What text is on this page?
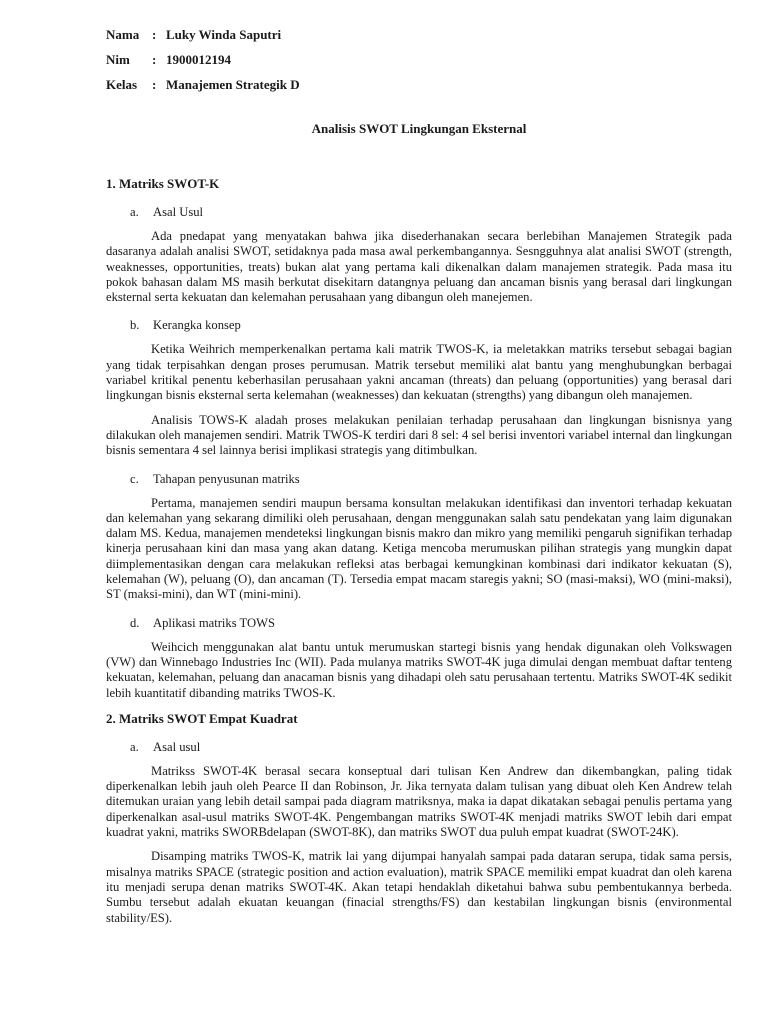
Nama : Luky Winda Saputri
Nim	: 1900012194
Kelas	: Manajemen Strategik D
Analisis SWOT Lingkungan Eksternal
1. Matriks SWOT-K
a.	Asal Usul

Ada pnedapat yang menyatakan bahwa jika disederhanakan secara berlebihan Manajemen Strategik pada dasaranya adalah analisi SWOT, setidaknya pada masa awal perkembangannya. Sesngguhnya alat analisi SWOT (strength, weaknesses, opportunities, treats) bukan alat yang pertama kali dikenalkan dalam manajemen strategik. Pada masa itu pokok bahasan dalam MS masih berkutat disekitarn datangnya peluang dan ancaman bisnis yang berasal dari lingkungan eksternal serta kekuatan dan kelemahan perusahaan yang dibangun oleh manejemen.

b.	Kerangka konsep

Ketika Weihrich memperkenalkan pertama kali matrik TWOS-K, ia meletakkan matriks tersebut sebagai bagian yang tidak terpisahkan dengan proses perumusan. Matrik tersebut memiliki alat bantu yang menghubungkan berbagai variabel kritikal penentu keberhasilan perusahaan yakni ancaman (threats) dan peluang (opportunities) yang berasal dari lingkungan bisnis eksternal serta kelemahan (weaknesses) dan kekuatan (strengths) yang dibangun oleh manajemen.

Analisis TOWS-K aladah proses melakukan penilaian terhadap perusahaan dan lingkungan bisnisnya yang dilakukan oleh manajemen sendiri. Matrik TWOS-K terdiri dari 8 sel: 4 sel berisi inventori variabel internal dan lingkungan bisnis sementara 4 sel lainnya berisi implikasi strategis yang ditimbulkan.

c.	Tahapan penyusunan matriks

Pertama, manajemen sendiri maupun bersama konsultan melakukan identifikasi dan inventori terhadap kekuatan dan kelemahan yang sekarang dimiliki oleh perusahaan, dengan menggunakan salah satu pendekatan yang laim digunakan dalam MS. Kedua, manajemen mendeteksi lingkungan bisnis makro dan mikro yang memiliki pengaruh signifikan terhadap kinerja perusahaan kini dan masa yang akan datang. Ketiga mencoba merumuskan pilihan strategis yang mungkin dapat diimplementasikan dengan cara melakukan refleksi atas berbagai kemungkinan kombinasi dari indikator kekuatan (S), kelemahan (W), peluang (O), dan ancaman (T). Tersedia empat macam staregis yakni; SO (masi-maksi), WO (mini-maksi), ST (maksi-mini), dan WT (mini-mini).

d.	Aplikasi matriks TOWS

Weihcich menggunakan alat bantu untuk merumuskan startegi bisnis yang hendak digunakan oleh Volkswagen (VW) dan Winnebago Industries Inc (WII). Pada mulanya matriks SWOT-4K juga dimulai dengan membuat daftar tenteng kekuatan, kelemahan, peluang dan anacaman bisnis yang dihadapi oleh satu perusahaan tertentu. Matriks SWOT-4K sedikit lebih kuantitatif dibanding matriks TWOS-K.

2. Matriks SWOT Empat Kuadrat
a.	Asal usul

Matrikss SWOT-4K berasal secara konseptual dari tulisan Ken Andrew dan dikembangkan, paling tidak diperkenalkan lebih jauh oleh Pearce II dan Robinson, Jr. Jika ternyata dalam tulisan yang dibuat oleh Ken Andrew telah ditemukan uraian yang lebih detail sampai pada diagram matriksnya, maka ia dapat dikatakan sebagai penulis pertama yang diperkenalkan asal-usul matriks SWOT-4K. Pengembangan matriks SWOT-4K menjadi matriks SWOT lebih dari empat kuadrat yakni, matriks SWORBdelapan (SWOT-8K), dan matriks SWOT dua puluh empat kuadrat (SWOT-24K).

Disamping matriks TWOS-K, matrik lai yang dijumpai hanyalah sampai pada dataran serupa, tidak sama persis, misalnya matriks SPACE (strategic position and action evaluation), matrik SPACE memiliki empat kuadrat dan oleh karena itu menjadi serupa denan matriks SWOT-4K. Akan tetapi hendaklah diketahui bahwa subu pembentukannya berbeda. Sumbu tersebut adalah ekuatan keuangan (finacial strengths/FS) dan kestabilan lingkungan bisnis (environmental stability/ES).
